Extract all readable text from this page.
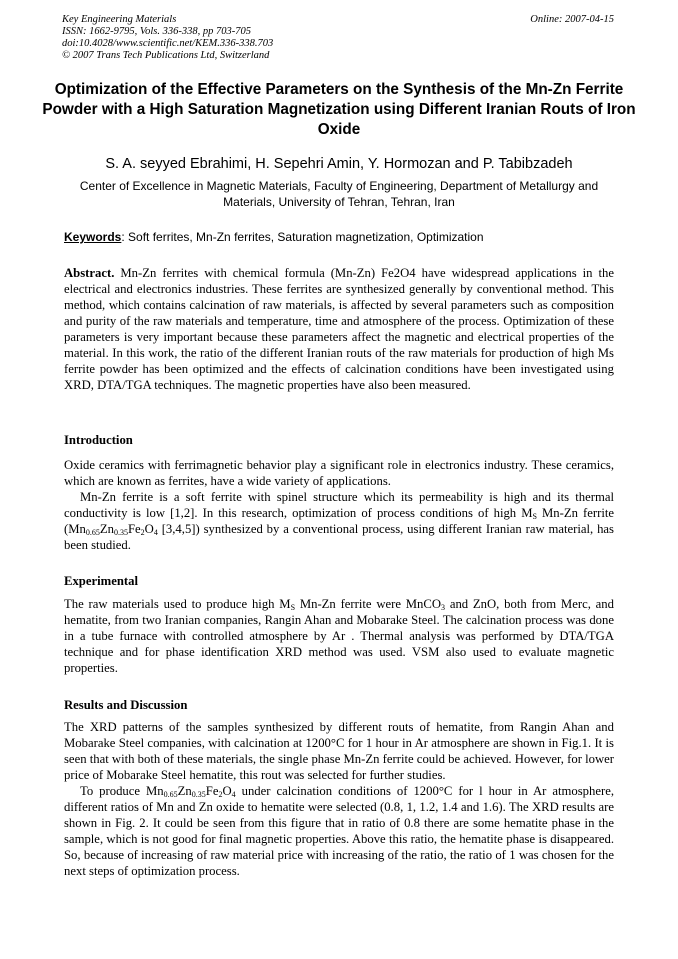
Key Engineering Materials
ISSN: 1662-9795, Vols. 336-338, pp 703-705
doi:10.4028/www.scientific.net/KEM.336-338.703
© 2007 Trans Tech Publications Ltd, Switzerland
Online: 2007-04-15
Optimization of the Effective Parameters on the Synthesis of the Mn-Zn Ferrite Powder with a High Saturation Magnetization using Different Iranian Routs of Iron Oxide
S. A. seyyed Ebrahimi, H. Sepehri Amin, Y. Hormozan and P. Tabibzadeh
Center of Excellence in Magnetic Materials, Faculty of Engineering, Department of Metallurgy and Materials, University of Tehran, Tehran, Iran
Keywords: Soft ferrites, Mn-Zn ferrites, Saturation magnetization, Optimization
Abstract. Mn-Zn ferrites with chemical formula (Mn-Zn) Fe2O4 have widespread applications in the electrical and electronics industries. These ferrites are synthesized generally by conventional method. This method, which contains calcination of raw materials, is affected by several parameters such as composition and purity of the raw materials and temperature, time and atmosphere of the process. Optimization of these parameters is very important because these parameters affect the magnetic and electrical properties of the material. In this work, the ratio of the different Iranian routs of the raw materials for production of high Ms ferrite powder has been optimized and the effects of calcination conditions have been investigated using XRD, DTA/TGA techniques. The magnetic properties have also been measured.
Introduction

Oxide ceramics with ferrimagnetic behavior play a significant role in electronics industry. These ceramics, which are known as ferrites, have a wide variety of applications.

Mn-Zn ferrite is a soft ferrite with spinel structure which its permeability is high and its thermal conductivity is low [1,2]. In this research, optimization of process conditions of high $M_S$ Mn-Zn ferrite ($Mn_{0.65}Zn_{0.35}Fe_2O_4$ [3,4,5]) synthesized by a conventional process, using different Iranian raw material, has been studied.

Experimental

The raw materials used to produce high $M_S$ Mn-Zn ferrite were MnCO$_3$ and ZnO, both from Merc, and hematite, from two Iranian companies, Rangin Ahan and Mobarake Steel. The calcination process was done in a tube furnace with controlled atmosphere by Ar . Thermal analysis was performed by DTA/TGA technique and for phase identification XRD method was used. VSM also used to evaluate magnetic properties.

Results and Discussion

The XRD patterns of the samples synthesized by different routs of hematite, from Rangin Ahan and Mobarake Steel companies, with calcination at 1200°C for 1 hour in Ar atmosphere are shown in Fig.1. It is seen that with both of these materials, the single phase Mn-Zn ferrite could be achieved. However, for lower price of Mobarake Steel hematite, this rout was selected for further studies.

To produce $Mn_{0.65}Zn_{0.35}Fe_2O_4$ under calcination conditions of 1200°C for l hour in Ar atmosphere, different ratios of Mn and Zn oxide to hematite were selected (0.8, 1, 1.2, 1.4 and 1.6). The XRD results are shown in Fig. 2. It could be seen from this figure that in ratio of 0.8 there are some hematite phase in the sample, which is not good for final magnetic properties. Above this ratio, the hematite phase is disappeared. So, because of increasing of raw material price with increasing of the ratio, the ratio of 1 was chosen for the next steps of optimization process.
